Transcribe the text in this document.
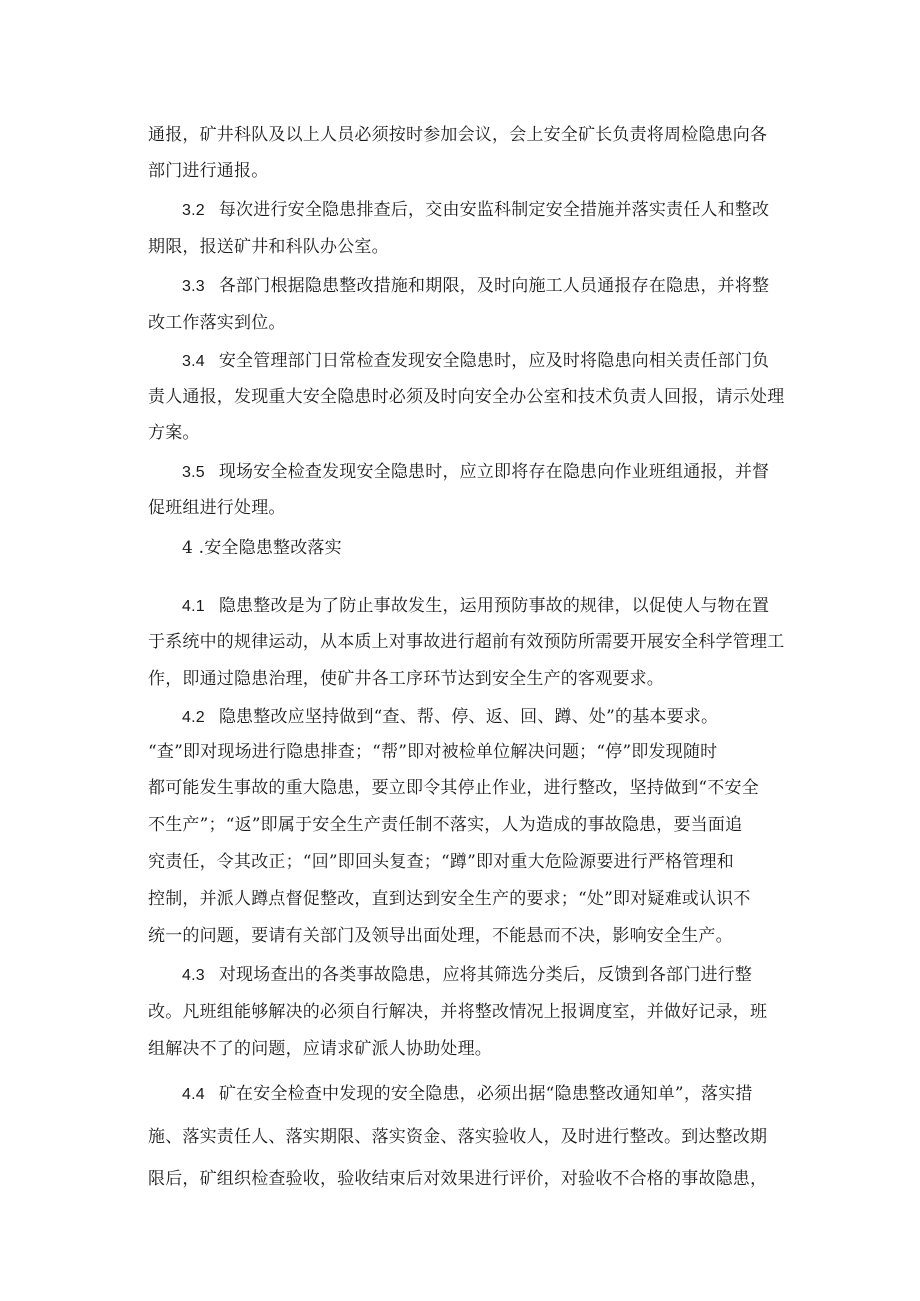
通报，矿井科队及以上人员必须按时参加会议，会上安全矿长负责将周检隐患向各
部门进行通报。
3.2 每次进行安全隐患排查后，交由安监科制定安全措施并落实责任人和整改
期限，报送矿井和科队办公室。
3.3 各部门根据隐患整改措施和期限，及时向施工人员通报存在隐患，并将整
改工作落实到位。
3.4 安全管理部门日常检查发现安全隐患时，应及时将隐患向相关责任部门负
责人通报，发现重大安全隐患时必须及时向安全办公室和技术负责人回报，请示处理
方案。
3.5 现场安全检查发现安全隐患时，应立即将存在隐患向作业班组通报，并督
促班组进行处理。
4 .安全隐患整改落实
4.1 隐患整改是为了防止事故发生，运用预防事故的规律，以促使人与物在置
于系统中的规律运动，从本质上对事故进行超前有效预防所需要开展安全科学管理工
作，即通过隐患治理，使矿井各工序环节达到安全生产的客观要求。
4.2 隐患整改应坚持做到“查、帮、停、返、回、蹲、处”的基本要求。
“查”即对现场进行隐患排查；“帮”即对被检单位解决问题；“停”即发现随时
都可能发生事故的重大隐患，要立即令其停止作业，进行整改，坚持做到“不安全
不生产”；“返”即属于安全生产责任制不落实，人为造成的事故隐患，要当面追
究责任，令其改正；“回”即回头复查；“蹲”即对重大危险源要进行严格管理和
控制，并派人蹲点督促整改，直到达到安全生产的要求；“处”即对疑难或认识不
统一的问题，要请有关部门及领导出面处理，不能悬而不决，影响安全生产。
4.3 对现场查出的各类事故隐患，应将其筛选分类后，反馈到各部门进行整
改。凡班组能够解决的必须自行解决，并将整改情况上报调度室，并做好记录，班
组解决不了的问题，应请求矿派人协助处理。
4.4 矿在安全检查中发现的安全隐患，必须出据“隐患整改通知单”，落实措
施、落实责任人、落实期限、落实资金、落实验收人，及时进行整改。到达整改期
限后，矿组织检查验收，验收结束后对效果进行评价，对验收不合格的事故隐患，
